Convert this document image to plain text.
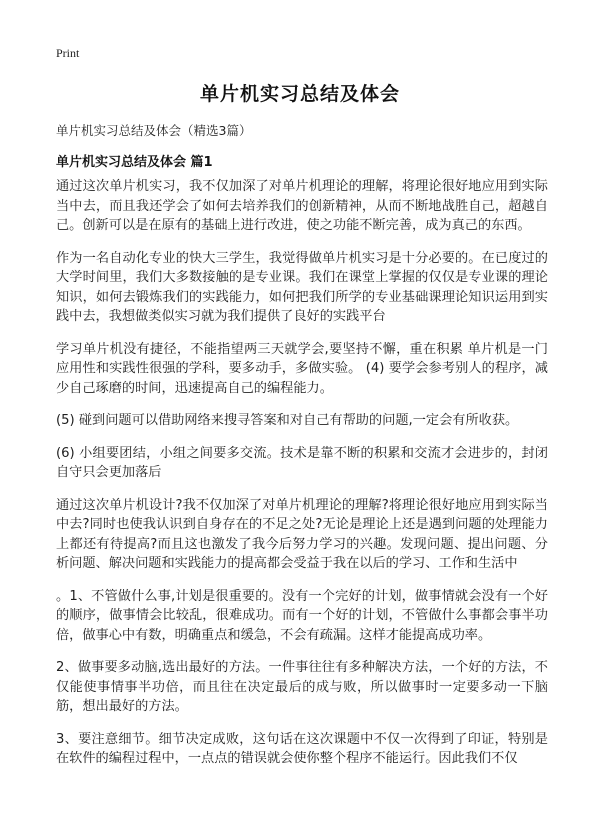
Print
单片机实习总结及体会
单片机实习总结及体会（精选3篇）
单片机实习总结及体会 篇1

通过这次单片机实习，我不仅加深了对单片机理论的理解，将理论很好地应用到实际当中去，而且我还学会了如何去培养我们的创新精神，从而不断地战胜自己，超越自己。创新可以是在原有的基础上进行改进，使之功能不断完善，成为真己的东西。

作为一名自动化专业的快大三学生，我觉得做单片机实习是十分必要的。在已度过的大学时间里，我们大多数接触的是专业课。我们在课堂上掌握的仅仅是专业课的理论知识，如何去锻炼我们的实践能力，如何把我们所学的专业基础课理论知识运用到实践中去，我想做类似实习就为我们提供了良好的实践平台

学习单片机没有捷径，不能指望两三天就学会,要坚持不懈，重在积累 单片机是一门应用性和实践性很强的学科，要多动手，多做实验。 (4) 要学会参考别人的程序，减少自己琢磨的时间，迅速提高自己的编程能力。

(5) 碰到问题可以借助网络来搜寻答案和对自己有帮助的问题,一定会有所收获。

(6) 小组要团结，小组之间要多交流。技术是靠不断的积累和交流才会进步的，封闭自守只会更加落后

通过这次单片机设计?我不仅加深了对单片机理论的理解?将理论很好地应用到实际当中去?同时也使我认识到自身存在的不足之处?无论是理论上还是遇到问题的处理能力上都还有待提高?而且这也激发了我今后努力学习的兴趣。发现问题、提出问题、分析问题、解决问题和实践能力的提高都会受益于我在以后的学习、工作和生活中

。1、不管做什么事,计划是很重要的。没有一个完好的计划，做事情就会没有一个好的顺序，做事情会比较乱，很难成功。而有一个好的计划，不管做什么事都会事半功倍，做事心中有数，明确重点和缓急，不会有疏漏。这样才能提高成功率。

2、做事要多动脑,选出最好的方法。一件事往往有多种解决方法，一个好的方法，不仅能使事情事半功倍，而且往在决定最后的成与败，所以做事时一定要多动一下脑筋，想出最好的方法。

3、要注意细节。细节决定成败，这句话在这次课题中不仅一次得到了印证，特别是在软件的编程过程中，一点点的错误就会使你整个程序不能运行。因此我们不仅
